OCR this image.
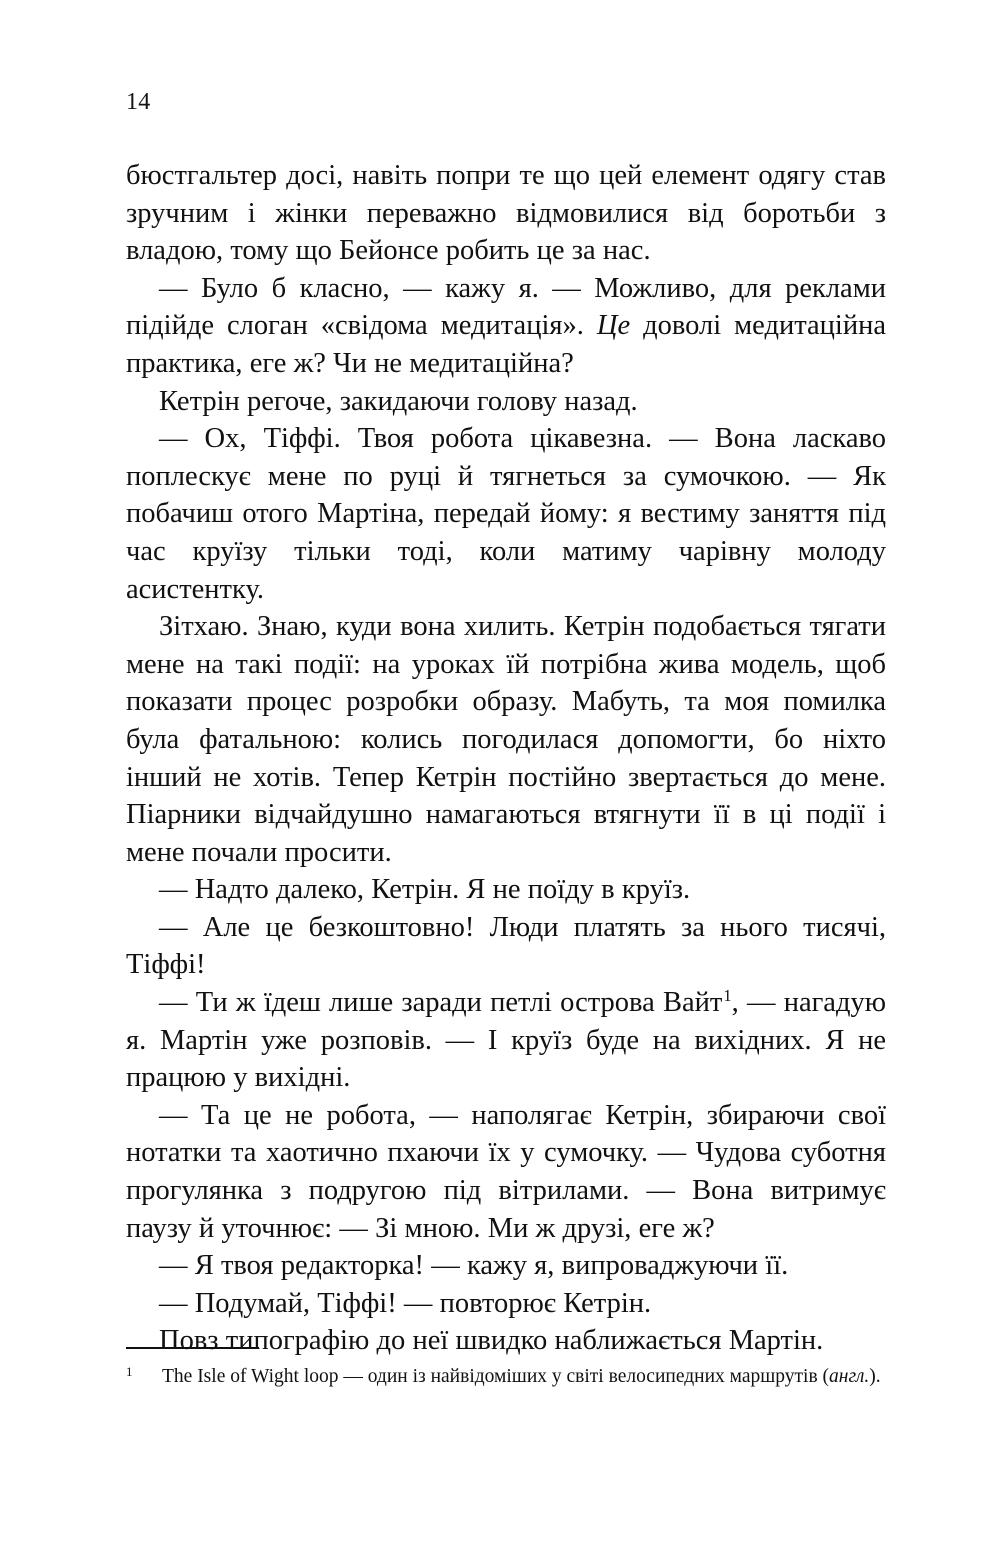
14

бюстгальтер досі, навіть попри те що цей елемент одягу став зручним і жінки переважно відмовилися від боротьби з владою, тому що Бейонсе робить це за нас.

— Було б класно, — кажу я. — Можливо, для реклами підійде слоган «свідома медитація». Це доволі медитаційна практика, еге ж? Чи не медитаційна?

Кетрін регоче, закидаючи голову назад.

— Ох, Тіффі. Твоя робота цікавезна. — Вона ласкаво поплескує мене по руці й тягнеться за сумочкою. — Як побачиш отого Мартіна, передай йому: я вестиму заняття під час круїзу тільки тоді, коли матиму чарівну молоду асистентку.

Зітхаю. Знаю, куди вона хилить. Кетрін подобається тягати мене на такі події: на уроках їй потрібна жива модель, щоб показати процес розробки образу. Мабуть, та моя помилка була фатальною: колись погодилася допомогти, бо ніхто інший не хотів. Тепер Кетрін постійно звертається до мене. Піарники відчайдушно намагаються втягнути її в ці події і мене почали просити.

— Надто далеко, Кетрін. Я не поїду в круїз.

— Але це безкоштовно! Люди платять за нього тисячі, Тіффі!

— Ти ж їдеш лише заради петлі острова Вайт$^1$, — нагадую я. Мартін уже розповів. — І круїз буде на вихідних. Я не працюю у вихідні.

— Та це не робота, — наполягає Кетрін, збираючи свої нотатки та хаотично пхаючи їх у сумочку. — Чудова суботня прогулянка з подругою під вітрилами. — Вона витримує паузу й уточнює: — Зі мною. Ми ж друзі, еге ж?

— Я твоя редакторка! — кажу я, випроваджуючи її.

— Подумай, Тіффі! — повторює Кетрін.

Повз типографію до неї швидко наближається Мартін.

1 The Isle of Wight loop — один із найвідоміших у світі велосипедних маршрутів (англ.).
